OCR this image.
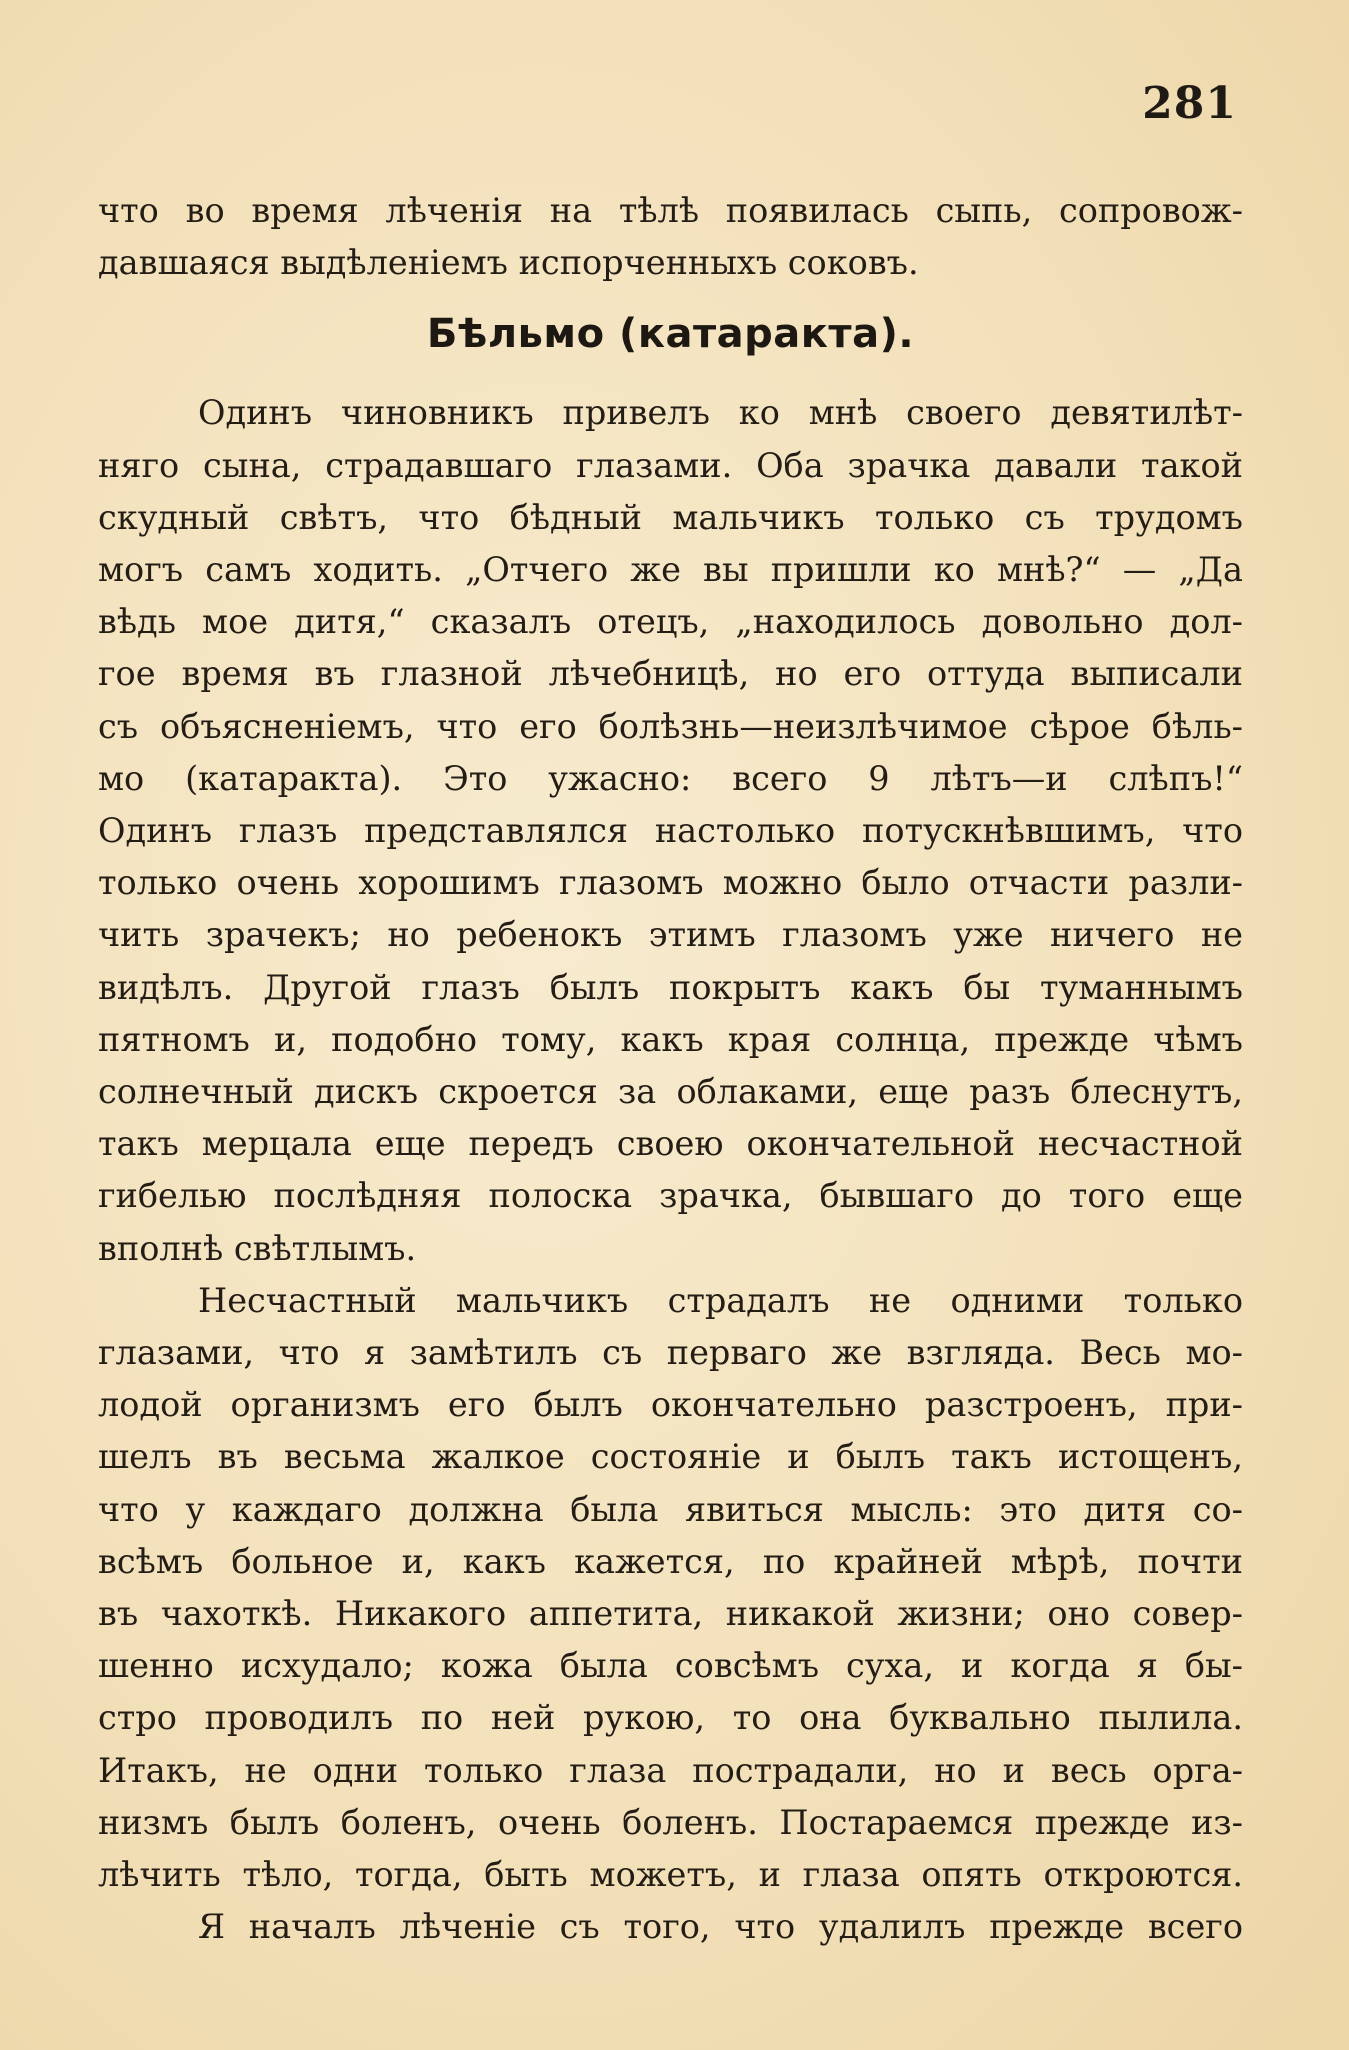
281
что во время лѣченія на тѣлѣ появилась сыпь, сопровож-
давшаяся выдѣленіемъ испорченныхъ соковъ.
Бѣльмо (катаракта).
Одинъ чиновникъ привелъ ко мнѣ своего девятилѣт-
няго сына, страдавшаго глазами. Оба зрачка давали такой
скудный свѣтъ, что бѣдный мальчикъ только съ трудомъ
могъ самъ ходить. „Отчего же вы пришли ко мнѣ?“ — „Да
вѣдь мое дитя,“ сказалъ отецъ, „находилось довольно дол-
гое время въ глазной лѣчебницѣ, но его оттуда выписали
съ объясненіемъ, что его болѣзнь—неизлѣчимое сѣрое бѣль-
мо (катаракта). Это ужасно: всего 9 лѣтъ—и слѣпъ!“
Одинъ глазъ представлялся настолько потускнѣвшимъ, что
только очень хорошимъ глазомъ можно было отчасти разли-
чить зрачекъ; но ребенокъ этимъ глазомъ уже ничего не
видѣлъ. Другой глазъ былъ покрытъ какъ бы туманнымъ
пятномъ и, подобно тому, какъ края солнца, прежде чѣмъ
солнечный дискъ скроется за облаками, еще разъ блеснутъ,
такъ мерцала еще передъ своею окончательной несчастной
гибелью послѣдняя полоска зрачка, бывшаго до того еще
вполнѣ свѣтлымъ.
Несчастный мальчикъ страдалъ не одними только
глазами, что я замѣтилъ съ перваго же взгляда. Весь мо-
лодой организмъ его былъ окончательно разстроенъ, при-
шелъ въ весьма жалкое состояніе и былъ такъ истощенъ,
что у каждаго должна была явиться мысль: это дитя со-
всѣмъ больное и, какъ кажется, по крайней мѣрѣ, почти
въ чахоткѣ. Никакого аппетита, никакой жизни; оно совер-
шенно исхудало; кожа была совсѣмъ суха, и когда я бы-
стро проводилъ по ней рукою, то она буквально пылила.
Итакъ, не одни только глаза пострадали, но и весь орга-
низмъ былъ боленъ, очень боленъ. Постараемся прежде из-
лѣчить тѣло, тогда, быть можетъ, и глаза опять откроются.
Я началъ лѣченіе съ того, что удалилъ прежде всего
